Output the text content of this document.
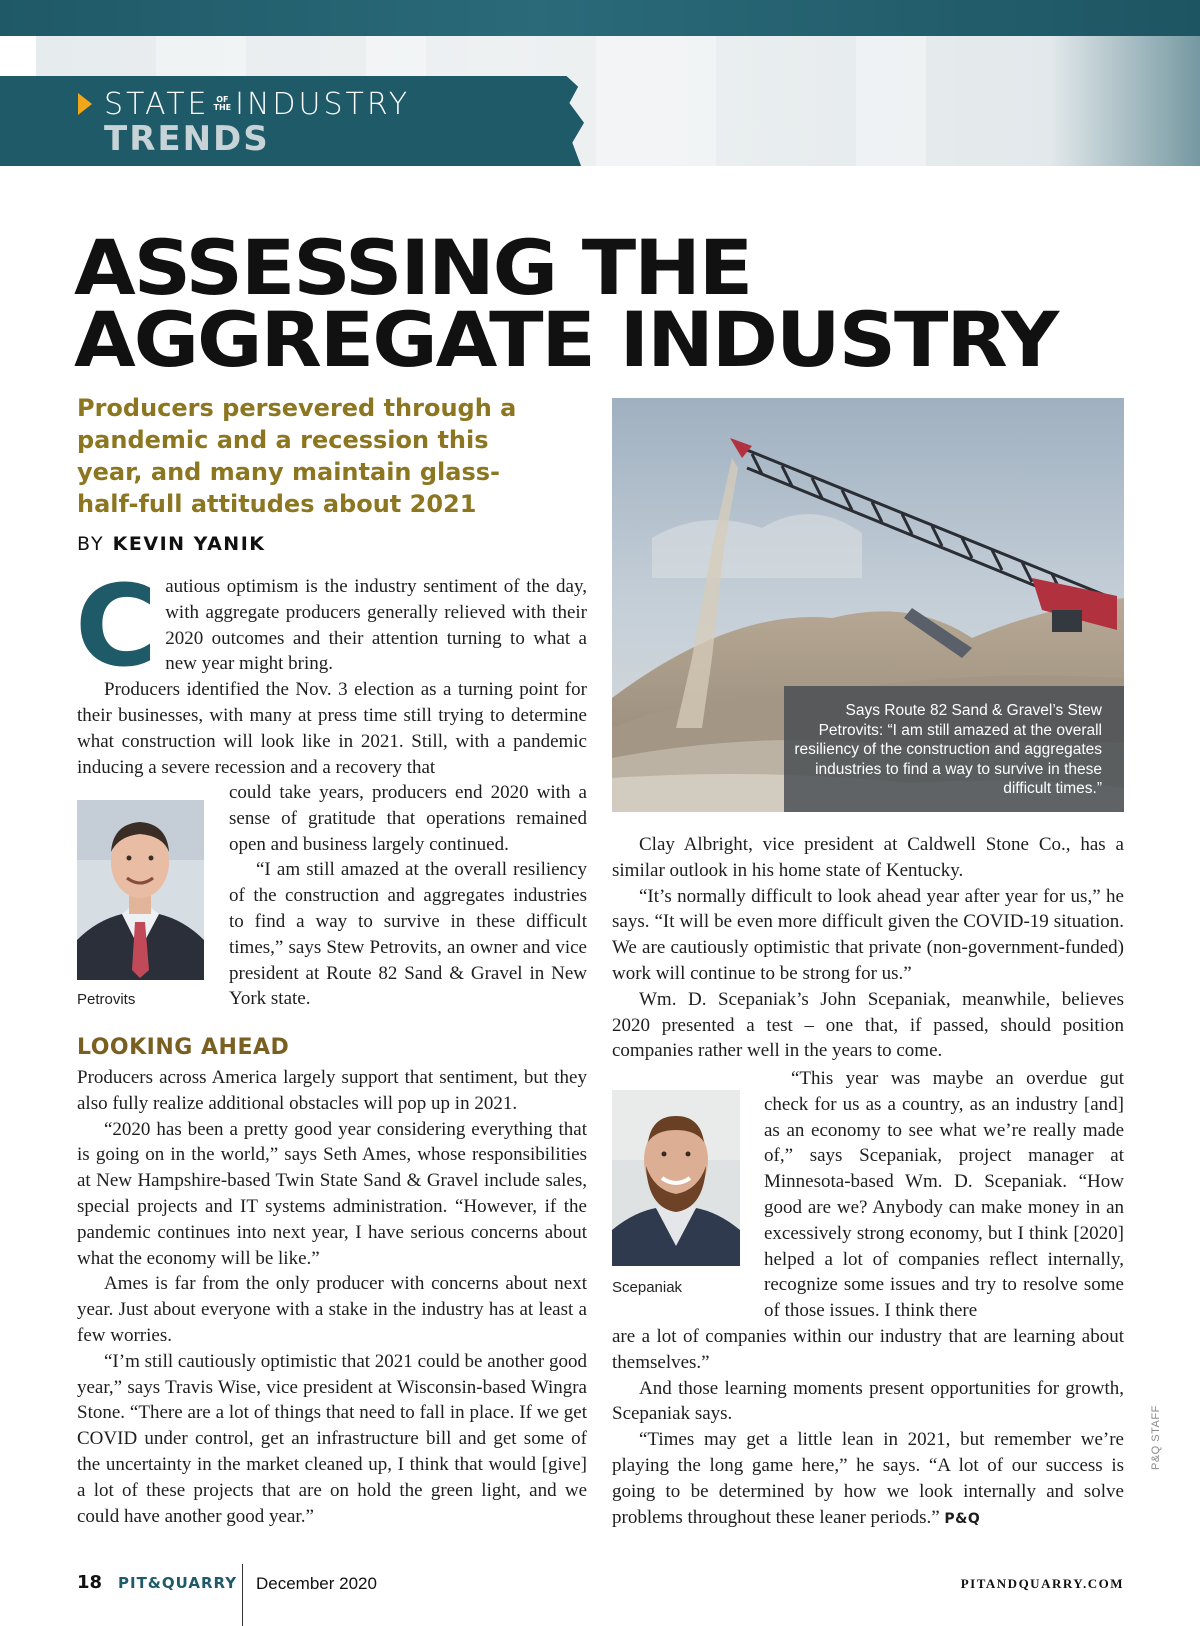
STATE OF
THE INDUSTRY
TRENDS
ASSESSING THE
AGGREGATE INDUSTRY
Producers persevered through a pandemic and a recession this year, and many maintain glass-half-full attitudes about 2021
BY KEVIN YANIK
C autious optimism is the industry sentiment of the day, with aggregate producers generally relieved with their 2020 outcomes and their attention turning to what a new year might bring.

Producers identified the Nov. 3 election as a turning point for their businesses, with many at press time still trying to determine what construction will look like in 2021. Still, with a pandemic inducing a severe recession and a recovery that

Petrovits

could take years, producers end 2020 with a sense of gratitude that operations remained open and business largely continued.

“I am still amazed at the overall resiliency of the construction and aggregates industries to find a way to survive in these difficult times,” says Stew Petrovits, an owner and vice president at Route 82 Sand & Gravel in New York state.

LOOKING AHEAD

Producers across America largely support that sentiment, but they also fully realize additional obstacles will pop up in 2021.

“2020 has been a pretty good year considering everything that is going on in the world,” says Seth Ames, whose responsibilities at New Hampshire-based Twin State Sand & Gravel include sales, special projects and IT systems administration. “However, if the pandemic continues into next year, I have serious concerns about what the economy will be like.”

Ames is far from the only producer with concerns about next year. Just about everyone with a stake in the industry has at least a few worries.

“I’m still cautiously optimistic that 2021 could be another good year,” says Travis Wise, vice president at Wisconsin-based Wingra Stone. “There are a lot of things that need to fall in place. If we get COVID under control, get an infrastructure bill and get some of the uncertainty in the market cleaned up, I think that would [give] a lot of these projects that are on hold the green light, and we could have another good year.”

Says Route 82 Sand & Gravel’s Stew Petrovits: “I am still amazed at the overall resiliency of the construction and aggregates industries to find a way to survive in these difficult times.”

Clay Albright, vice president at Caldwell Stone Co., has a similar outlook in his home state of Kentucky.

“It’s normally difficult to look ahead year after year for us,” he says. “It will be even more difficult given the COVID-19 situation. We are cautiously optimistic that private (non-government-funded) work will continue to be strong for us.”

Wm. D. Scepaniak’s John Scepaniak, meanwhile, believes 2020 presented a test – one that, if passed, should position companies rather well in the years to come.

Scepaniak

“This year was maybe an overdue gut check for us as a country, as an industry [and] as an economy to see what we’re really made of,” says Scepaniak, project manager at Minnesota-based Wm. D. Scepaniak. “How good are we? Anybody can make money in an excessively strong economy, but I think [2020] helped a lot of companies reflect internally, recognize some issues and try to resolve some of those issues. I think there

are a lot of companies within our industry that are learning about themselves.”

And those learning moments present opportunities for growth, Scepaniak says.

“Times may get a little lean in 2021, but remember we’re playing the long game here,” he says. “A lot of our success is going to be determined by how we look internally and solve problems throughout these leaner periods.” P&Q

P&Q STAFF
18 PIT&QUARRY December 2020	PITANDQUARRY.COM
